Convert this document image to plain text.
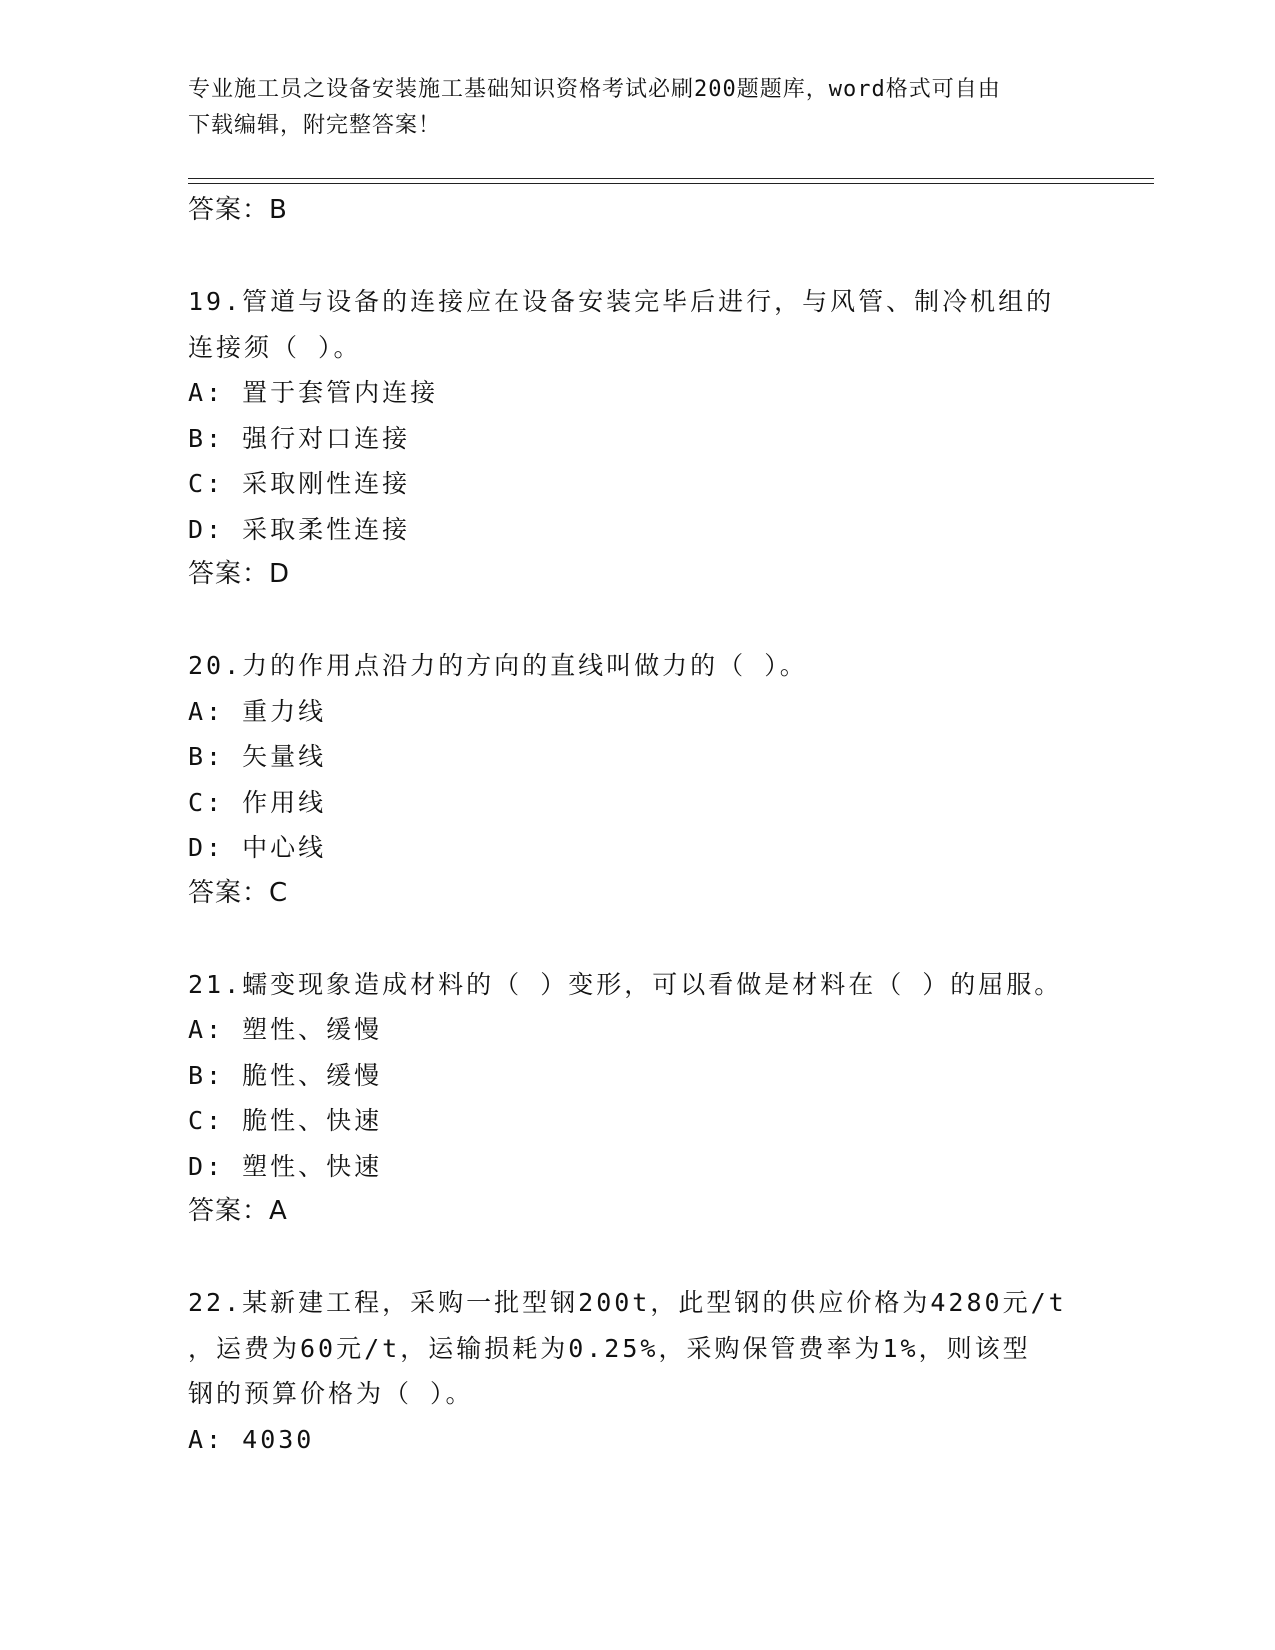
专业施工员之设备安装施工基础知识资格考试必刷200题题库，word格式可自由
下载编辑，附完整答案！
答案：B
19.管道与设备的连接应在设备安装完毕后进行，与风管、制冷机组的
连接须（ ）。
A: 置于套管内连接
B: 强行对口连接
C: 采取刚性连接
D: 采取柔性连接
答案：D
20.力的作用点沿力的方向的直线叫做力的（ ）。
A: 重力线
B: 矢量线
C: 作用线
D: 中心线
答案：C
21.蠕变现象造成材料的（ ）变形，可以看做是材料在（ ）的屈服。
A: 塑性、缓慢
B: 脆性、缓慢
C: 脆性、快速
D: 塑性、快速
答案：A
22.某新建工程，采购一批型钢200t，此型钢的供应价格为4280元/t
，运费为60元/t，运输损耗为0.25%，采购保管费率为1%，则该型
钢的预算价格为（ ）。
A: 4030
